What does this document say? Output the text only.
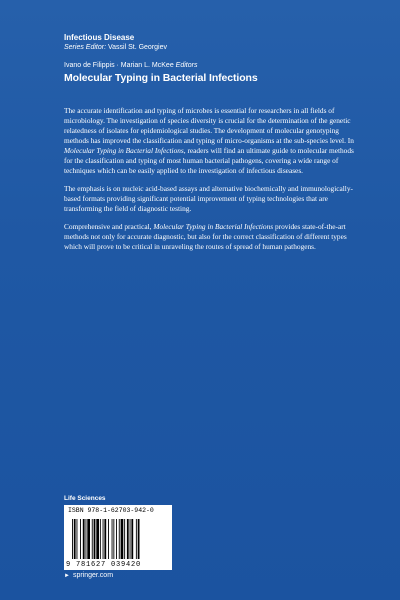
Infectious Disease
Series Editor: Vassil St. Georgiev
Ivano de Filippis · Marian L. McKee Editors
Molecular Typing in Bacterial Infections

The accurate identification and typing of microbes is essential for researchers in all fields of microbiology. The investigation of species diversity is crucial for the determination of the genetic relatedness of isolates for epidemiological studies. The development of molecular genotyping methods has improved the classification and typing of micro-organisms at the sub-species level. In Molecular Typing in Bacterial Infections, readers will find an ultimate guide to molecular methods for the classification and typing of most human bacterial pathogens, covering a wide range of techniques which can be easily applied to the investigation of infectious diseases.

The emphasis is on nucleic acid-based assays and alternative biochemically and immunologically-based formats providing significant potential improvement of typing technologies that are transforming the field of diagnostic testing.

Comprehensive and practical, Molecular Typing in Bacterial Infections provides state-of-the-art methods not only for accurate diagnostic, but also for the correct classification of different types which will prove to be critical in unraveling the routes of spread of human pathogens.

Life Sciences
ISBN 978-1-62703-942-0
9 781627 039420
► springer.com
